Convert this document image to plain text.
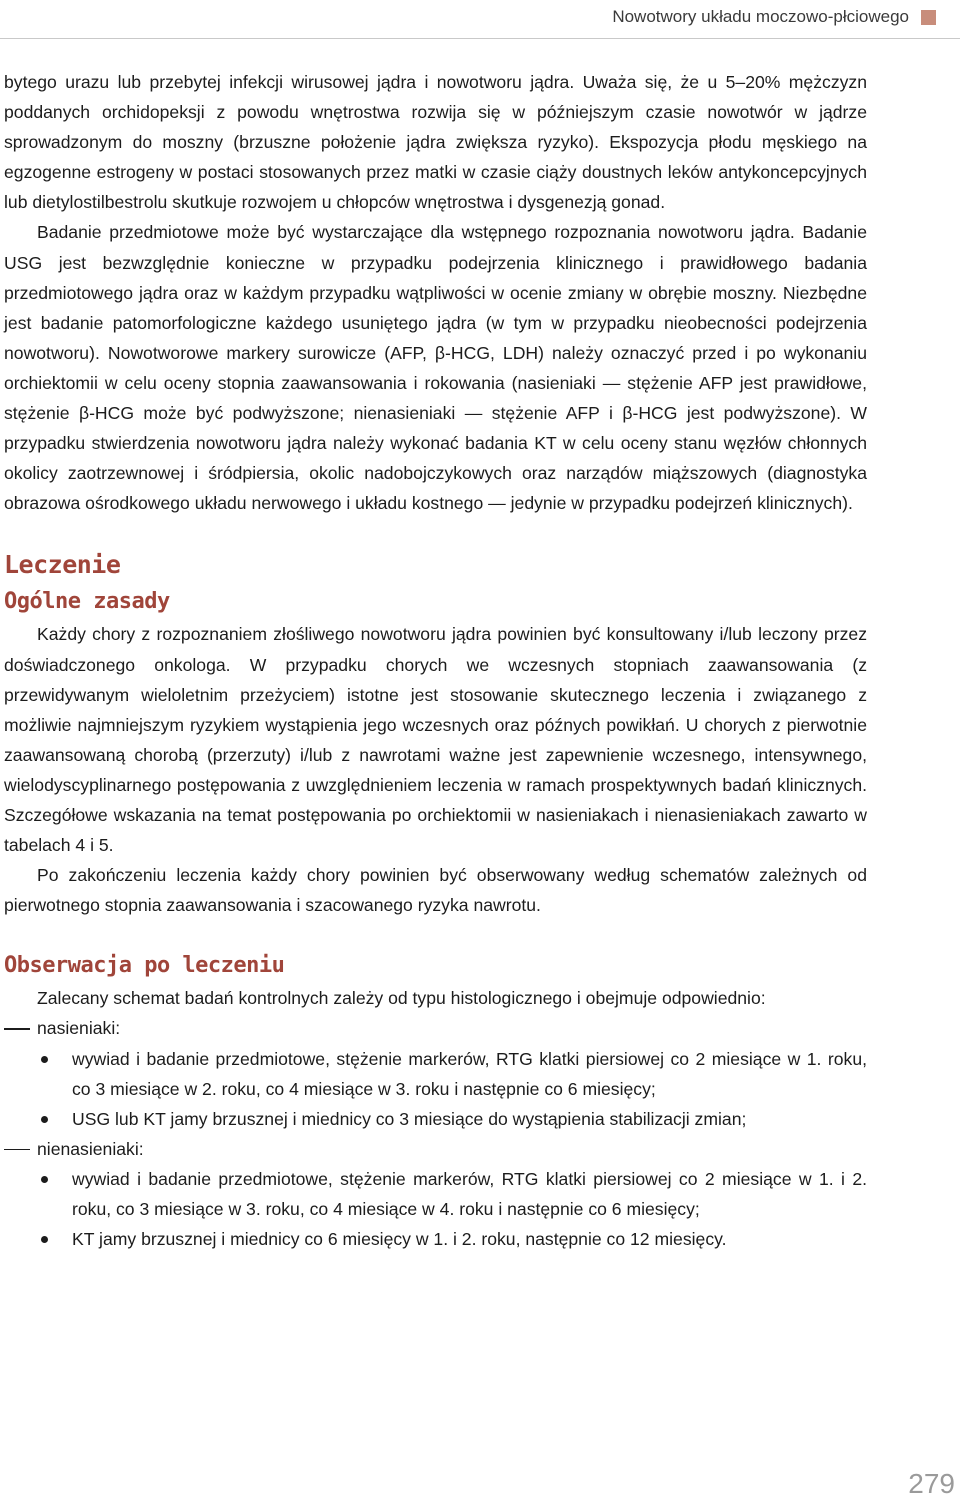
Nowotwory układu moczowo-płciowego

bytego urazu lub przebytej infekcji wirusowej jądra i nowotworu jądra. Uważa się, że u 5–20% mężczyzn poddanych orchidopeksji z powodu wnętrostwa rozwija się w późniejszym czasie nowotwór w jądrze sprowadzonym do moszny (brzuszne położenie jądra zwiększa ryzyko). Ekspozycja płodu męskiego na egzogenne estrogeny w postaci stosowanych przez matki w czasie ciąży doustnych leków antykoncepcyjnych lub dietylostilbestrolu skutkuje rozwojem u chłopców wnętrostwa i dysgenezją gonad.

Badanie przedmiotowe może być wystarczające dla wstępnego rozpoznania nowotworu jądra. Badanie USG jest bezwzględnie konieczne w przypadku podejrzenia klinicznego i prawidłowego badania przedmiotowego jądra oraz w każdym przypadku wątpliwości w ocenie zmiany w obrębie moszny. Niezbędne jest badanie patomorfologiczne każdego usuniętego jądra (w tym w przypadku nieobecności podejrzenia nowotworu). Nowotworowe markery surowicze (AFP, β-HCG, LDH) należy oznaczyć przed i po wykonaniu orchiektomii w celu oceny stopnia zaawansowania i rokowania (nasieniaki — stężenie AFP jest prawidłowe, stężenie β-HCG może być podwyższone; nienasieniaki — stężenie AFP i β-HCG jest podwyższone). W przypadku stwierdzenia nowotworu jądra należy wykonać badania KT w celu oceny stanu węzłów chłonnych okolicy zaotrzewnowej i śródpiersia, okolic nadobojczykowych oraz narządów miąższowych (diagnostyka obrazowa ośrodkowego układu nerwowego i układu kostnego — jedynie w przypadku podejrzeń klinicznych).

Leczenie
Ogólne zasady

Każdy chory z rozpoznaniem złośliwego nowotworu jądra powinien być konsultowany i/lub leczony przez doświadczonego onkologa. W przypadku chorych we wczesnych stopniach zaawansowania (z przewidywanym wieloletnim przeżyciem) istotne jest stosowanie skutecznego leczenia i związanego z możliwie najmniejszym ryzykiem wystąpienia jego wczesnych oraz późnych powikłań. U chorych z pierwotnie zaawansowaną chorobą (przerzuty) i/lub z nawrotami ważne jest zapewnienie wczesnego, intensywnego, wielodyscyplinarnego postępowania z uwzględnieniem leczenia w ramach prospektywnych badań klinicznych. Szczegółowe wskazania na temat postępowania po orchiektomii w nasieniakach i nienasieniakach zawarto w tabelach 4 i 5.

Po zakończeniu leczenia każdy chory powinien być obserwowany według schematów zależnych od pierwotnego stopnia zaawansowania i szacowanego ryzyka nawrotu.

Obserwacja po leczeniu

Zalecany schemat badań kontrolnych zależy od typu histologicznego i obejmuje odpowiednio:

nasieniaki:
wywiad i badanie przedmiotowe, stężenie markerów, RTG klatki piersiowej co 2 miesiące w 1. roku, co 3 miesiące w 2. roku, co 4 miesiące w 3. roku i następnie co 6 miesięcy;
USG lub KT jamy brzusznej i miednicy co 3 miesiące do wystąpienia stabilizacji zmian;
nienasieniaki:
wywiad i badanie przedmiotowe, stężenie markerów, RTG klatki piersiowej co 2 miesiące w 1. i 2. roku, co 3 miesiące w 3. roku, co 4 miesiące w 4. roku i następnie co 6 miesięcy;
KT jamy brzusznej i miednicy co 6 miesięcy w 1. i 2. roku, następnie co 12 miesięcy.
279
